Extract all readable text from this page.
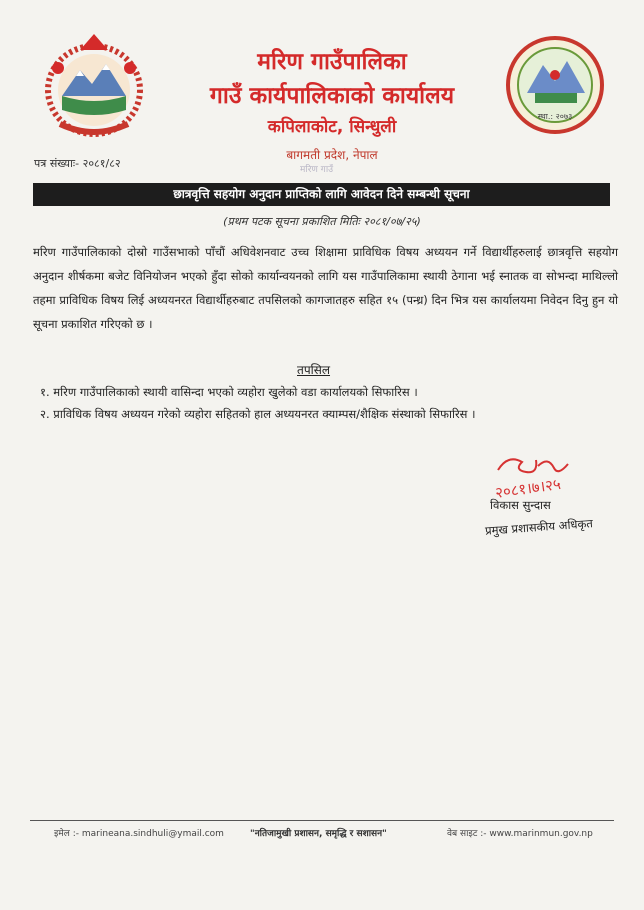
स्था.: २०७३
मरिण गाउँपालिका
गाउँ कार्यपालिकाको कार्यालय
कपिलाकोट, सिन्धुली
बागमती प्रदेश, नेपाल
पत्र संख्याः- २०८१/८२	मरिण गाउँ
छात्रवृत्ति सहयोग अनुदान प्राप्तिको लागि आवेदन दिने सम्बन्धी सूचना
(प्रथम पटक सूचना प्रकाशित मितिः २०८१/०७/२५)
मरिण गाउँपालिकाको दोस्रो गाउँसभाको पाँचौं अधिवेशनवाट उच्च शिक्षामा प्राविधिक विषय अध्ययन गर्ने विद्यार्थीहरुलाई छात्रवृत्ति सहयोग अनुदान शीर्षकमा बजेट विनियोजन भएको हुँदा सोको कार्यान्वयनको लागि यस गाउँपालिकामा स्थायी ठेगाना भई स्नातक वा सोभन्दा माथिल्लो तहमा प्राविधिक विषय लिई अध्ययनरत विद्यार्थीहरुबाट तपसिलको कागजातहरु सहित १५ (पन्ध्र) दिन भित्र यस कार्यालयमा निवेदन दिनु हुन यो सूचना प्रकाशित गरिएको छ ।
तपसिल
१. मरिण गाउँपालिकाको स्थायी वासिन्दा भएको व्यहोरा खुलेको वडा कार्यालयको सिफारिस ।
२. प्राविधिक विषय अध्ययन गरेको व्यहोरा सहितको हाल अध्ययनरत क्याम्पस/शैक्षिक संस्थाको सिफारिस ।
२०८१।७।२५
विकास सुन्दास
प्रमुख प्रशासकीय अधिकृत
इमेल :- marineana.sindhuli@ymail.com	"नतिजामुखी प्रशासन, समृद्धि र सशासन"	वेब साइट :- www.marinmun.gov.np
